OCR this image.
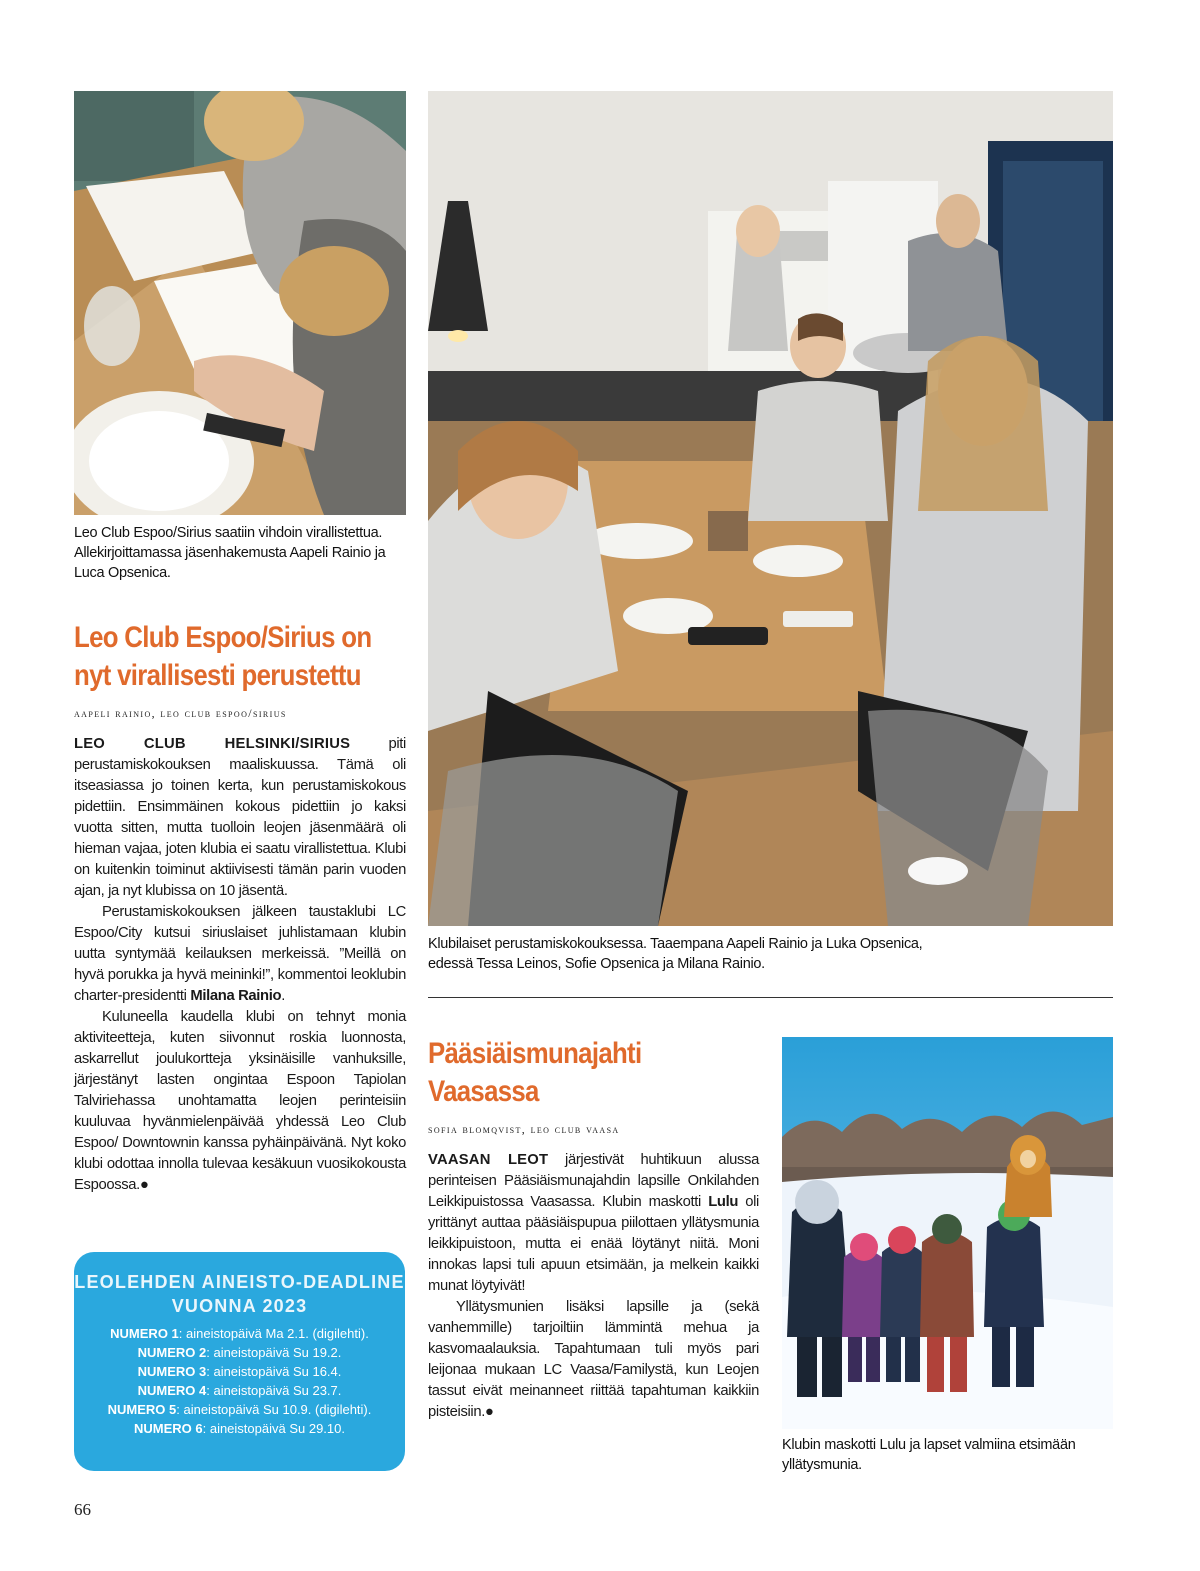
Leo Club Espoo/Sirius saatiin vihdoin virallistettua. Allekirjoittamassa jäsenhakemusta Aapeli Rainio ja Luca Opsenica.
Klubilaiset perustamiskokouksessa. Taaempana Aapeli Rainio ja Luka Opsenica,
edessä Tessa Leinos, Sofie Opsenica ja Milana Rainio.
Leo Club Espoo/Sirius on
nyt virallisesti perustettu
aapeli rainio, leo club espoo/sirius

LEO CLUB HELSINKI/SIRIUS piti perustamiskokouksen maaliskuussa. Tämä oli itseasiassa jo toinen kerta, kun perustamiskokous pidettiin. Ensimmäinen kokous pidettiin jo kaksi vuotta sitten, mutta tuolloin leojen jäsenmäärä oli hieman vajaa, joten klubia ei saatu virallistettua. Klubi on kuitenkin toiminut aktiivisesti tämän parin vuoden ajan, ja nyt klubissa on 10 jäsentä.

Perustamiskokouksen jälkeen taustaklubi LC Espoo/City kutsui siriuslaiset juhlistamaan klubin uutta syntymää keilauksen merkeissä. ”Meillä on hyvä porukka ja hyvä meininki!”, kommentoi leoklubin charter-presidentti Milana Rainio.

Kuluneella kaudella klubi on tehnyt monia aktiviteetteja, kuten siivonnut roskia luonnosta, askarrellut joulukortteja yksinäisille vanhuksille, järjestänyt lasten ongintaa Espoon Tapiolan Talviriehassa unohtamatta leojen perinteisiin kuuluvaa hyvänmielenpäivää yhdessä Leo Club Espoo/ Downtownin kanssa pyhäinpäivänä. Nyt koko klubi odottaa innolla tulevaa kesäkuun vuosikokousta Espoossa.●

LEOLEHDEN AINEISTO-DEADLINE
VUONNA 2023
NUMERO 1: aineistopäivä Ma 2.1. (digilehti).
NUMERO 2: aineistopäivä Su 19.2.
NUMERO 3: aineistopäivä Su 16.4.
NUMERO 4: aineistopäivä Su 23.7.
NUMERO 5: aineistopäivä Su 10.9. (digilehti).
NUMERO 6: aineistopäivä Su 29.10.
Pääsiäismunajahti
Vaasassa
sofia blomqvist, leo club vaasa

VAASAN LEOT järjestivät huhtikuun alussa perinteisen Pääsiäismunajahdin lapsille Onkilahden Leikkipuistossa Vaasassa. Klubin maskotti Lulu oli yrittänyt auttaa pääsiäispupua piilottaen yllätysmunia leikkipuistoon, mutta ei enää löytänyt niitä. Moni innokas lapsi tuli apuun etsimään, ja melkein kaikki munat löytyivät!

Yllätysmunien lisäksi lapsille ja (sekä vanhemmille) tarjoiltiin lämmintä mehua ja kasvomaalauksia. Tapahtumaan tuli myös pari leijonaa mukaan LC Vaasa/Familystä, kun Leojen tassut eivät meinanneet riittää tapahtuman kaikkiin pisteisiin.●

Klubin maskotti Lulu ja lapset valmiina etsimään yllätysmunia.
66
